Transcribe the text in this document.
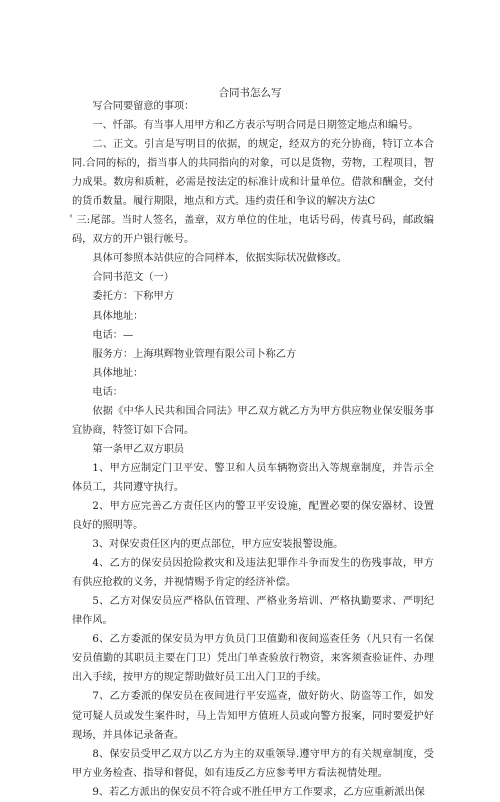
合同书怎么写

写合同要留意的事项：

一、忏部。有当事人用甲方和乙方表示写明合同是日期签定地点和编号。

二、正文。引言是写明目的依据，的规定，经双方的充分协商，特订立本合同.合同的标的，指当事人的共同指向的对象，可以是货物，劳物，工程项目，智力成果。数房和质粧，必需是按法定的标准计成和计量单位。借款和酬金，交付的货币数量。履行期限，地点和方式。违约责任和争议的解决方法C

＇三:尾部。当时人签名，盖章，双方单位的住址，电话号码，传真号码，邮政编码，双方的开户银行帐号。

具体可参照本站供应的合同样本，依据实际状况做修改。

合同书范文（一）

委托方：下称甲方

具体地址：

电话：—

服务方：上海琪辉物业管理有限公司卜称乙方

具体地址：

电话：

依据《中华人民共和国合同法》甲乙双方就乙方为甲方供应物业保安服务事宜协商，特签订如下合同。

第一条甲乙双方职员

1、甲方应制定门卫平安、警卫和人员车辆物资出入等规章制度，并告示全体员工，共同遵守执行。

2、甲方应完善乙方责任区内的警卫平安设施，配置必要的保安器材、设置良好的照明等。

3、对保安责任区内的更点部位，甲方应安装报警设施。

4、乙方的保安员因抢险救灾和及违法犯罪作斗争而发生的伤残事故，甲方有供应抢救的义务，并视情赐予肯定的经济补偿。

5、乙方对保安员应严格队伍管理、严格业务培训、严格执勤要求、严明纪律作风。

6、乙方委派的保安员为甲方负员门卫值勤和夜间巡查任务（凡只有一名保安员值勤的其职员主要在门卫）凭出门单查验放行物资，来客须查验证件、办理出入手续，按甲方的规定帮助做好员工出入门卫的手续。

7、乙方委派的保安员在夜间进行平安巡查，做好防火、防盗等工作，如发觉可疑人员或发生案件时，马上告知甲方值班人员或向警方报案，同时要爱护好现场，并具体记录备查。

8、保安员受甲乙双方以乙方为主的双重领导.遵守甲方的有关规章制度，受甲方业务检查、指导和督促，如有违反乙方应参考甲方看法视情处理。

9、若乙方派出的保安员不符合或不胜任甲方工作要求，乙方应重新派出保
